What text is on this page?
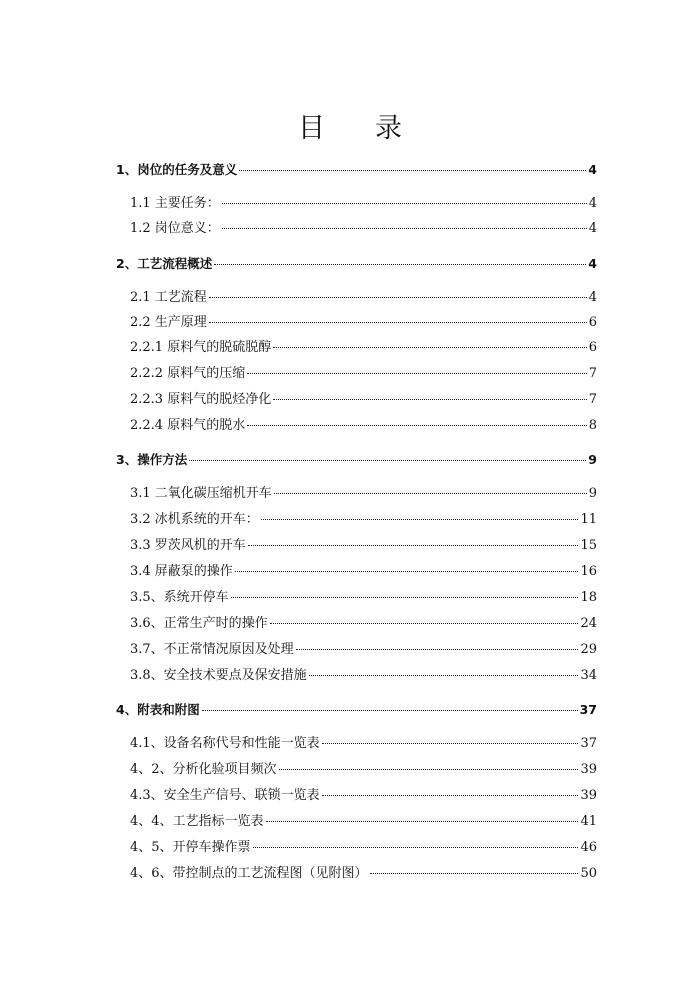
目 录
1、岗位的任务及意义	4
1.1 主要任务：	4
1.2 岗位意义：	4
2、工艺流程概述	4
2.1 工艺流程	4
2.2 生产原理	6
2.2.1 原料气的脱硫脱醇	6
2.2.2 原料气的压缩	7
2.2.3 原料气的脱烃净化	7
2.2.4 原料气的脱水	8
3、操作方法	9
3.1 二氧化碳压缩机开车	9
3.2 冰机系统的开车：	11
3.3 罗茨风机的开车	15
3.4 屏蔽泵的操作	16
3.5、系统开停车	18
3.6、正常生产时的操作	24
3.7、不正常情况原因及处理	29
3.8、安全技术要点及保安措施	34
4、附表和附图	37
4.1、设备名称代号和性能一览表	37
4、2、分析化验项目频次	39
4.3、安全生产信号、联锁一览表	39
4、4、工艺指标一览表	41
4、5、开停车操作票	46
4、6、带控制点的工艺流程图（见附图）	50
